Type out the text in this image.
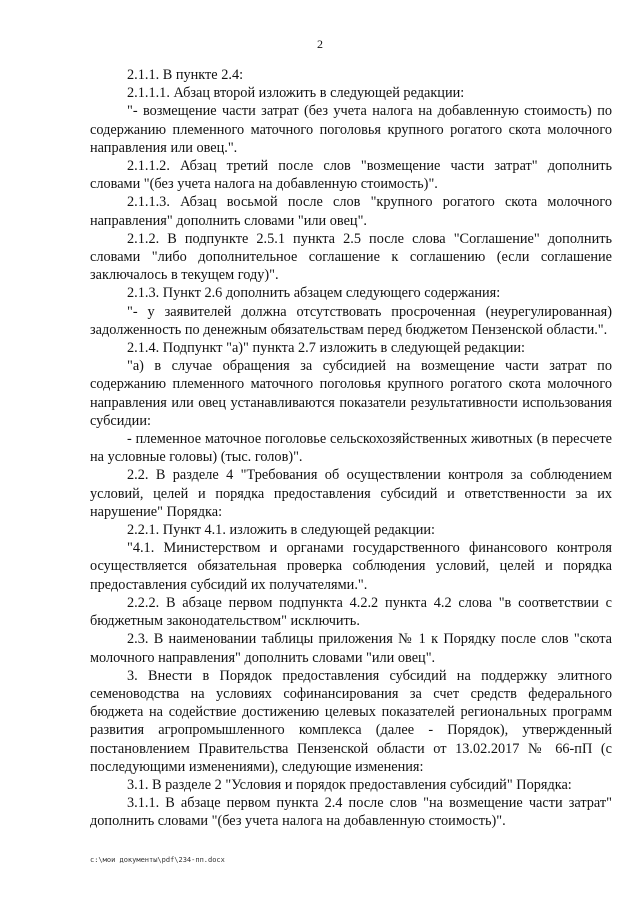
2

2.1.1. В пункте 2.4:

2.1.1.1. Абзац второй изложить в следующей редакции:

"- возмещение части затрат (без учета налога на добавленную стоимость) по содержанию племенного маточного поголовья крупного рогатого скота молочного направления или овец.".

2.1.1.2. Абзац третий после слов "возмещение части затрат" дополнить словами "(без учета налога на добавленную стоимость)".

2.1.1.3. Абзац восьмой после слов "крупного рогатого скота молочного направления" дополнить словами "или овец".

2.1.2. В подпункте 2.5.1 пункта 2.5 после слова "Соглашение" дополнить словами "либо дополнительное соглашение к соглашению (если соглашение заключалось в текущем году)".

2.1.3. Пункт 2.6 дополнить абзацем следующего содержания:

"- у заявителей должна отсутствовать просроченная (неурегулированная) задолженность по денежным обязательствам перед бюджетом Пензенской области.".

2.1.4. Подпункт "а)" пункта 2.7 изложить в следующей редакции:

"а) в случае обращения за субсидией на возмещение части затрат по содержанию племенного маточного поголовья крупного рогатого скота молочного направления или овец устанавливаются показатели результативности использования субсидии:

- племенное маточное поголовье сельскохозяйственных животных (в пересчете на условные головы) (тыс. голов)".

2.2. В разделе 4 "Требования об осуществлении контроля за соблюдением условий, целей и порядка предоставления субсидий и ответственности за их нарушение" Порядка:

2.2.1. Пункт 4.1. изложить в следующей редакции:

"4.1. Министерством и органами государственного финансового контроля осуществляется обязательная проверка соблюдения условий, целей и порядка предоставления субсидий их получателями.".

2.2.2. В абзаце первом подпункта 4.2.2 пункта 4.2 слова "в соответствии с бюджетным законодательством" исключить.

2.3. В наименовании таблицы приложения № 1 к Порядку после слов "скота молочного направления" дополнить словами "или овец".

3. Внести в Порядок предоставления субсидий на поддержку элитного семеноводства на условиях софинансирования за счет средств федерального бюджета на содействие достижению целевых показателей региональных программ развития агропромышленного комплекса (далее - Порядок), утвержденный постановлением Правительства Пензенской области от 13.02.2017 № 66-пП (с последующими изменениями), следующие изменения:

3.1. В разделе 2 "Условия и порядок предоставления субсидий" Порядка:

3.1.1. В абзаце первом пункта 2.4 после слов "на возмещение части затрат" дополнить словами "(без учета налога на добавленную стоимость)".

c:\мои документы\pdf\234-пп.docx
